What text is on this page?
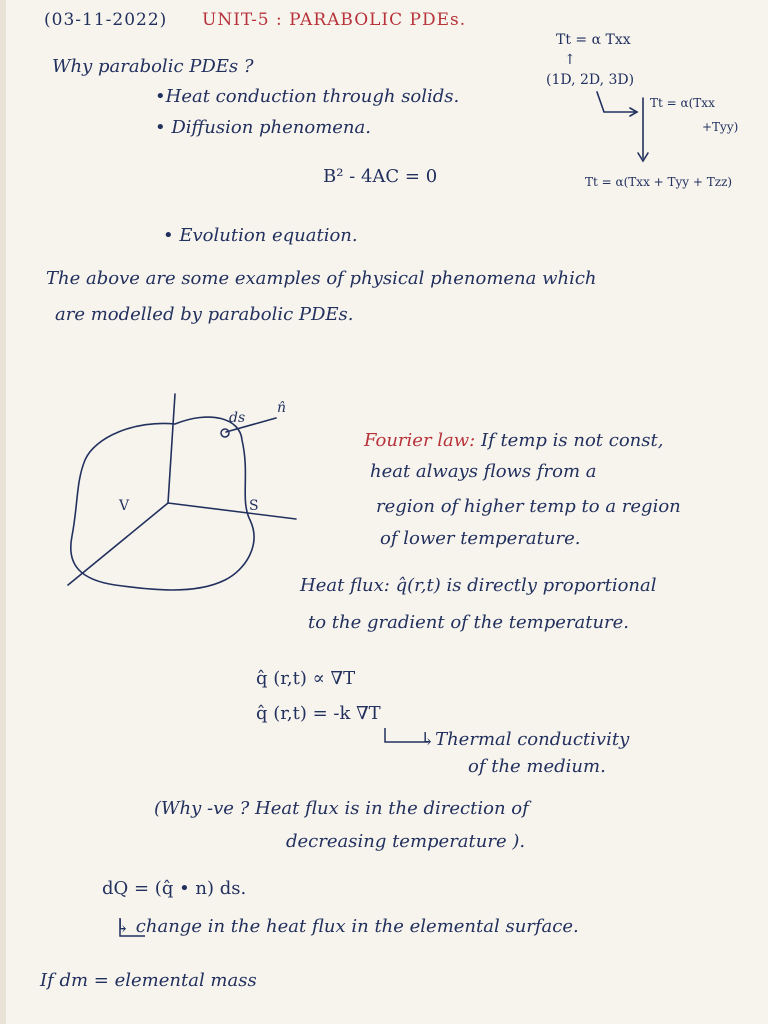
(03-11-2022) UNIT-5 : PARABOLIC PDEs.
Why parabolic PDEs ?
•Heat conduction through solids.
• Diffusion phenomena.
Tt = α Txx
↑
(1D, 2D, 3D)
Tt = α(Txx
+Tyy)
Tt = α(Txx + Tyy + Tzz)
B² - 4AC = 0
• Evolution equation.
The above are some examples of physical phenomena which
are modelled by parabolic PDEs.
ds
n̂
V	S
Fourier law: If temp is not const,
heat always flows from a
region of higher temp to a region
of lower temperature.
Heat flux: q̂(r,t) is directly proportional
to the gradient of the temperature.
q̂ (r,t) ∝ ∇T
q̂ (r,t) = -k ∇T
↳Thermal conductivity
of the medium.
(Why -ve ? Heat flux is in the direction of
decreasing temperature ).
dQ = (q̂ • n) ds.
↳ change in the heat flux in the elemental surface.
If dm = elemental mass
